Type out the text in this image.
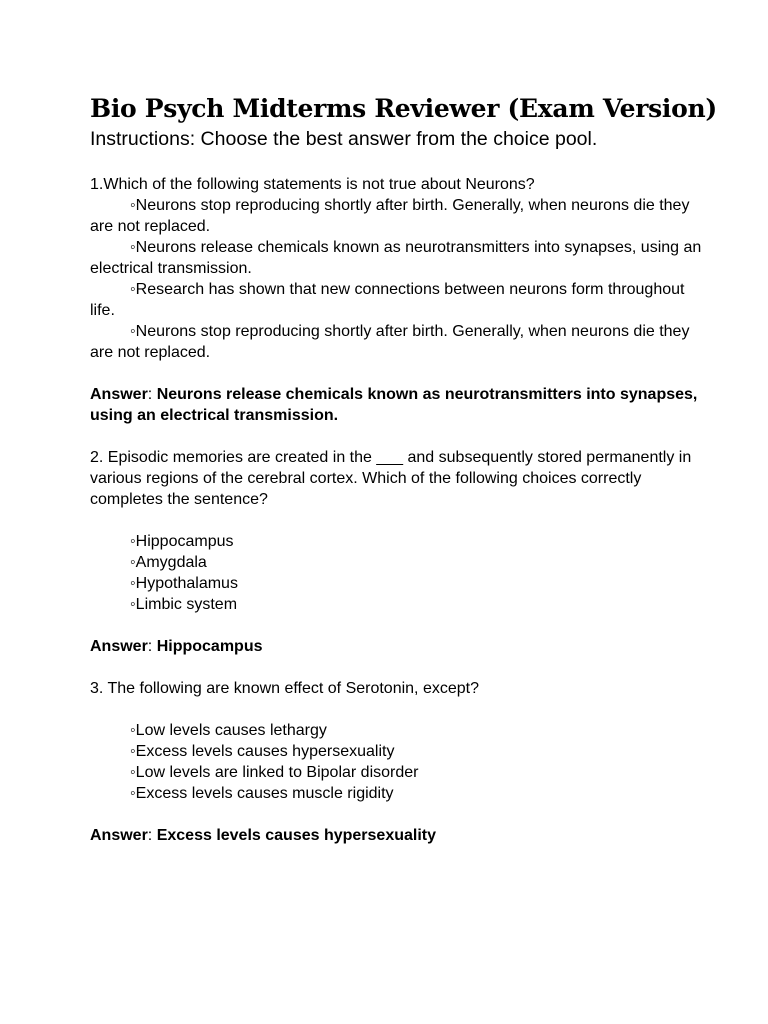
Bio Psych Midterms Reviewer (Exam Version)

Instructions: Choose the best answer from the choice pool.

1.Which of the following statements is not true about Neurons?

◦Neurons stop reproducing shortly after birth. Generally, when neurons die they are not replaced.

◦Neurons release chemicals known as neurotransmitters into synapses, using an electrical transmission.

◦Research has shown that new connections between neurons form throughout life.

◦Neurons stop reproducing shortly after birth. Generally, when neurons die they are not replaced.

Answer: Neurons release chemicals known as neurotransmitters into synapses, using an electrical transmission.

2. Episodic memories are created in the ___ and subsequently stored permanently in various regions of the cerebral cortex. Which of the following choices correctly completes the sentence?

◦Hippocampus
◦Amygdala
◦Hypothalamus
◦Limbic system

Answer: Hippocampus

3. The following are known effect of Serotonin, except?

◦Low levels causes lethargy
◦Excess levels causes hypersexuality
◦Low levels are linked to Bipolar disorder
◦Excess levels causes muscle rigidity

Answer: Excess levels causes hypersexuality
